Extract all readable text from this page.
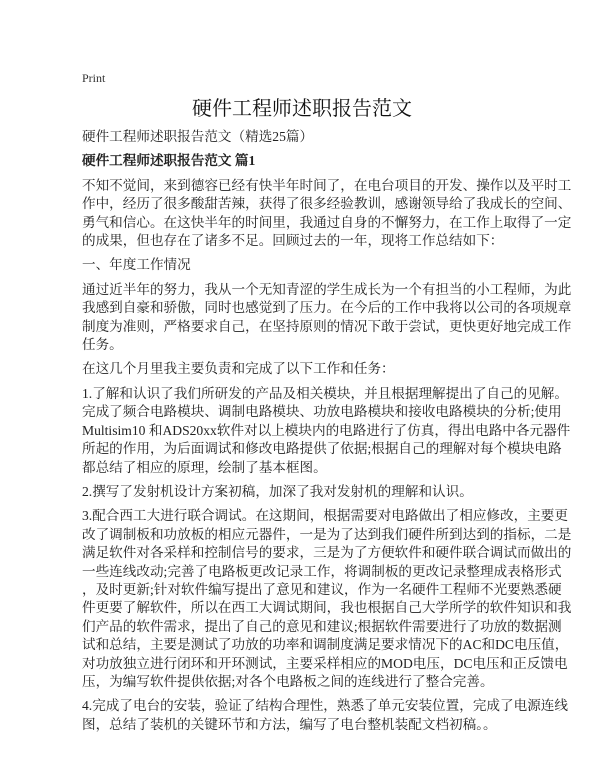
Print
硬件工程师述职报告范文
硬件工程师述职报告范文（精选25篇）
硬件工程师述职报告范文 篇1
不知不觉间，来到德容已经有快半年时间了，在电台项目的开发、操作以及平时工
作中，经历了很多酸甜苦辣，获得了很多经验教训，感谢领导给了我成长的空间、
勇气和信心。在这快半年的时间里，我通过自身的不懈努力，在工作上取得了一定
的成果，但也存在了诸多不足。回顾过去的一年，现将工作总结如下：
一、年度工作情况
通过近半年的努力，我从一个无知青涩的学生成长为一个有担当的小工程师，为此
我感到自豪和骄傲，同时也感觉到了压力。在今后的工作中我将以公司的各项规章
制度为准则，严格要求自己，在坚持原则的情况下敢于尝试，更快更好地完成工作
任务。
在这几个月里我主要负责和完成了以下工作和任务：
1.了解和认识了我们所研发的产品及相关模块，并且根据理解提出了自己的见解。
完成了频合电路模块、调制电路模块、功放电路模块和接收电路模块的分析;使用
Multisim10 和ADS20xx软件对以上模块内的电路进行了仿真，得出电路中各元器件
所起的作用，为后面调试和修改电路提供了依据;根据自己的理解对每个模块电路
都总结了相应的原理，绘制了基本框图。
2.撰写了发射机设计方案初稿，加深了我对发射机的理解和认识。
3.配合西工大进行联合调试。在这期间，根据需要对电路做出了相应修改，主要更
改了调制板和功放板的相应元器件，一是为了达到我们硬件所到达到的指标，二是
满足软件对各采样和控制信号的要求，三是为了方便软件和硬件联合调试而做出的
一些连线改动;完善了电路板更改记录工作，将调制板的更改记录整理成表格形式
，及时更新;针对软件编写提出了意见和建议，作为一名硬件工程师不光要熟悉硬
件更要了解软件，所以在西工大调试期间，我也根据自己大学所学的软件知识和我
们产品的软件需求，提出了自己的意见和建议;根据软件需要进行了功放的数据测
试和总结，主要是测试了功放的功率和调制度满足要求情况下的AC和DC电压值，
对功放独立进行闭环和开环测试，主要采样相应的MOD电压，DC电压和正反馈电
压，为编写软件提供依据;对各个电路板之间的连线进行了整合完善。
4.完成了电台的安装，验证了结构合理性，熟悉了单元安装位置，完成了电源连线
图，总结了装机的关键环节和方法，编写了电台整机装配文档初稿。。
